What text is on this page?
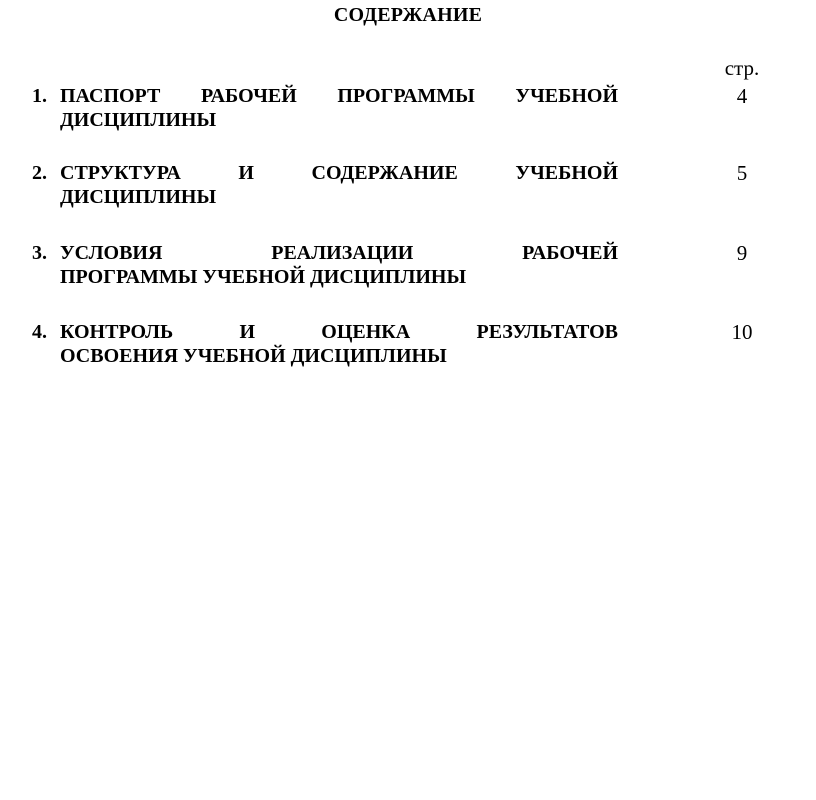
СОДЕРЖАНИЕ
стр.
1. ПАСПОРТ РАБОЧЕЙ ПРОГРАММЫ УЧЕБНОЙ
ДИСЦИПЛИНЫ
4
2. СТРУКТУРА И СОДЕРЖАНИЕ УЧЕБНОЙ
ДИСЦИПЛИНЫ
5
3. УСЛОВИЯ РЕАЛИЗАЦИИ РАБОЧЕЙ
ПРОГРАММЫ УЧЕБНОЙ ДИСЦИПЛИНЫ
9
4. КОНТРОЛЬ И ОЦЕНКА РЕЗУЛЬТАТОВ
ОСВОЕНИЯ УЧЕБНОЙ ДИСЦИПЛИНЫ
10
